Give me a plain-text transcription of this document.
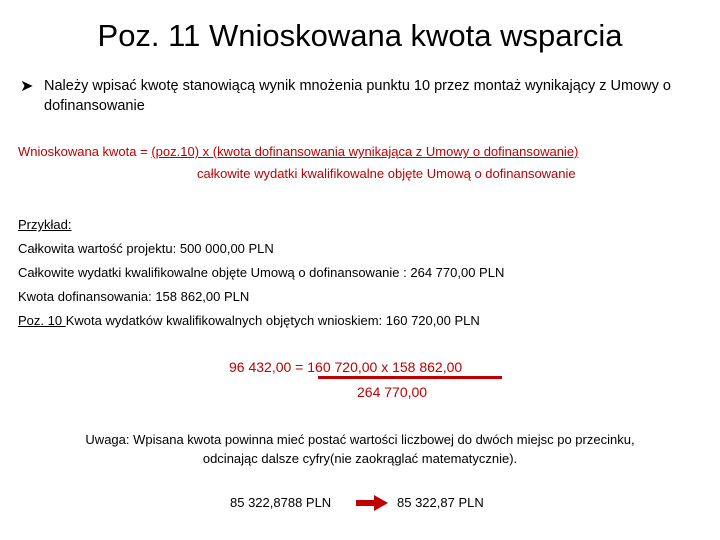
Poz. 11 Wnioskowana kwota wsparcia
➤ Należy wpisać kwotę stanowiącą wynik mnożenia punktu 10 przez montaż wynikający z Umowy o dofinansowanie
Wnioskowana kwota = (poz.10) x (kwota dofinansowania wynikająca z Umowy o dofinansowanie)
całkowite wydatki kwalifikowalne objęte Umową o dofinansowanie
Przykład:
Całkowita wartość projektu: 500 000,00 PLN
Całkowite wydatki kwalifikowalne objęte Umową o dofinansowanie : 264 770,00 PLN
Kwota dofinansowania: 158 862,00 PLN
Poz. 10 Kwota wydatków kwalifikowalnych objętych wnioskiem: 160 720,00 PLN
96 432,00 = 160 720,00 x 158 862,00
264 770,00
Uwaga: Wpisana kwota powinna mieć postać wartości liczbowej do dwóch miejsc po przecinku,
odcinając dalsze cyfry(nie zaokrąglać matematycznie).
85 322,8788 PLN	85 322,87 PLN
